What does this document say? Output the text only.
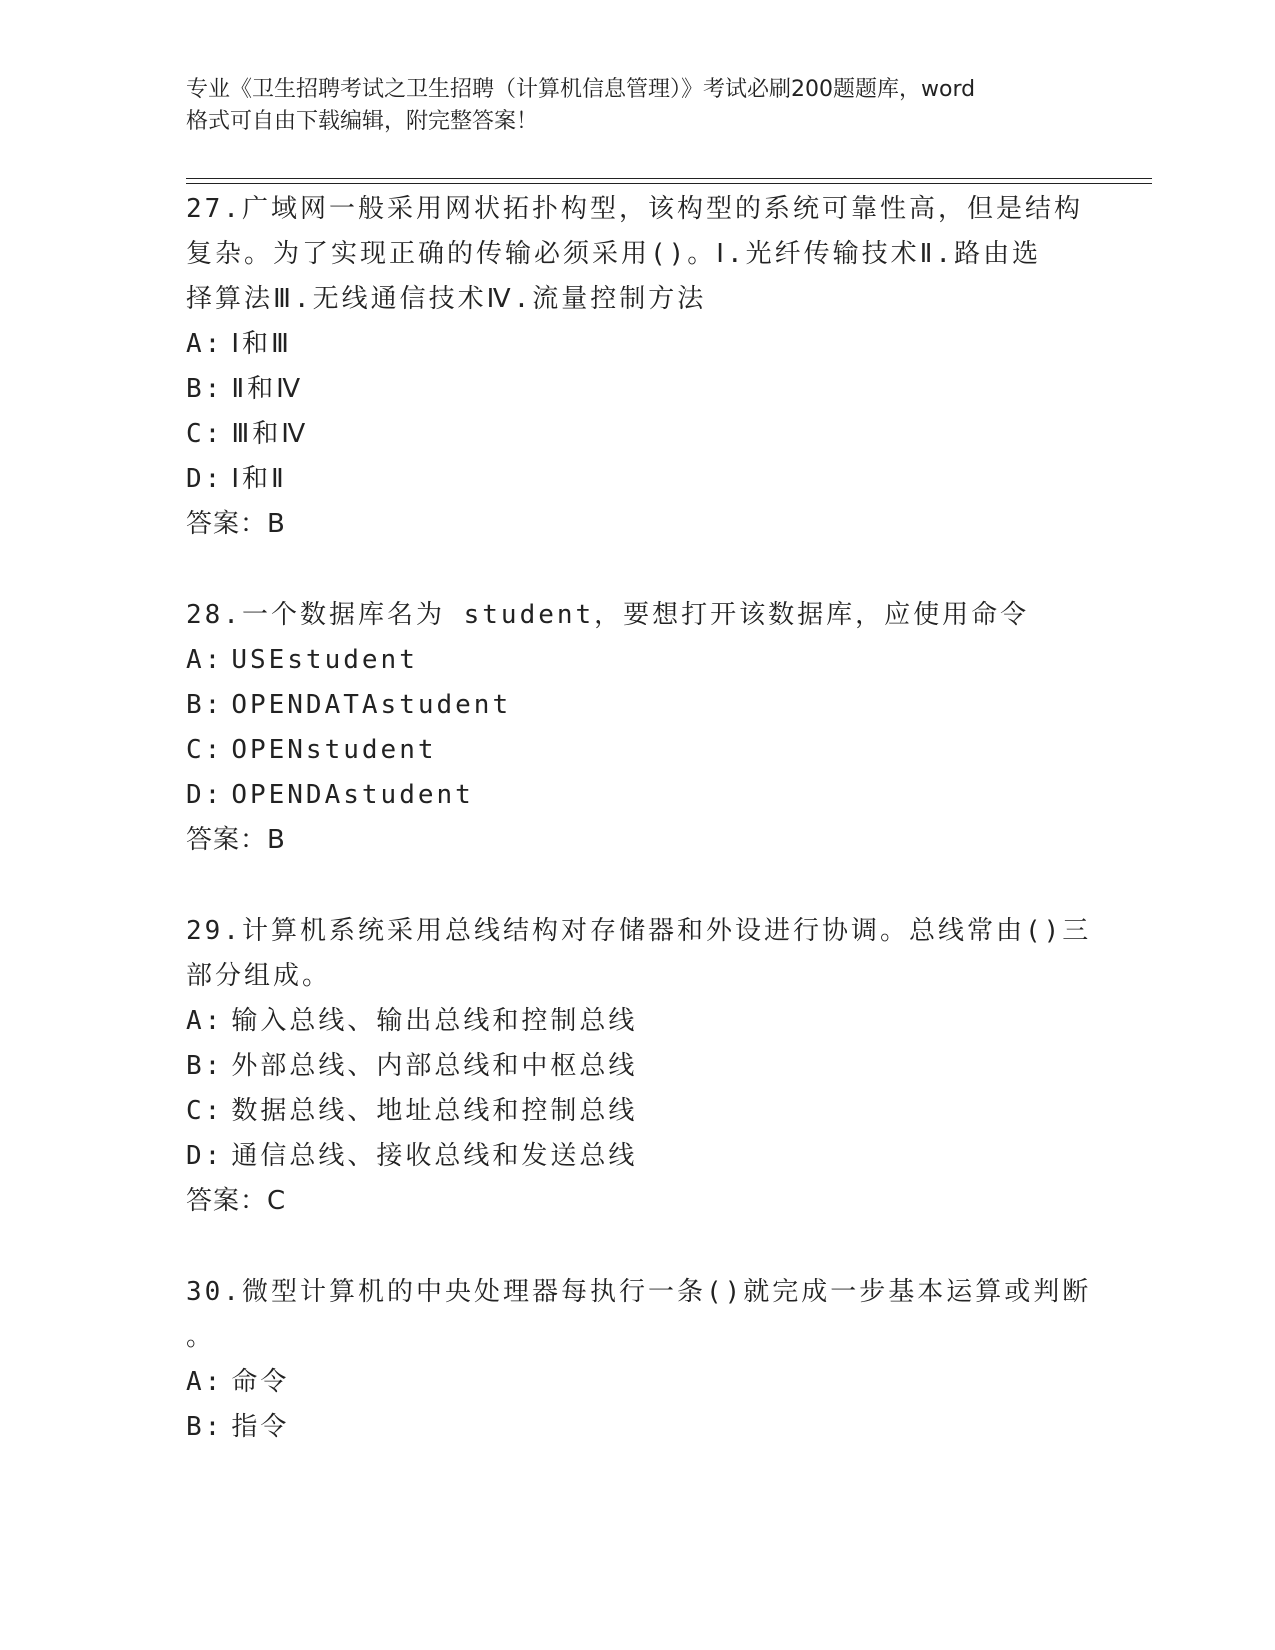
专业《卫生招聘考试之卫生招聘（计算机信息管理）》考试必刷200题题库，word
格式可自由下载编辑，附完整答案！
27.广域网一般采用网状拓扑构型，该构型的系统可靠性高，但是结构
复杂。为了实现正确的传输必须采用()。Ⅰ.光纤传输技术Ⅱ.路由选
择算法Ⅲ.无线通信技术Ⅳ.流量控制方法
A: Ⅰ和Ⅲ
B: Ⅱ和Ⅳ
C: Ⅲ和Ⅳ
D: Ⅰ和Ⅱ
答案：B
28.一个数据库名为 student，要想打开该数据库，应使用命令
A: USEstudent
B: OPENDATAstudent
C: OPENstudent
D: OPENDAstudent
答案：B
29.计算机系统采用总线结构对存储器和外设进行协调。总线常由()三
部分组成。
A: 输入总线、输出总线和控制总线
B: 外部总线、内部总线和中枢总线
C: 数据总线、地址总线和控制总线
D: 通信总线、接收总线和发送总线
答案：C
30.微型计算机的中央处理器每执行一条()就完成一步基本运算或判断
。
A: 命令
B: 指令
